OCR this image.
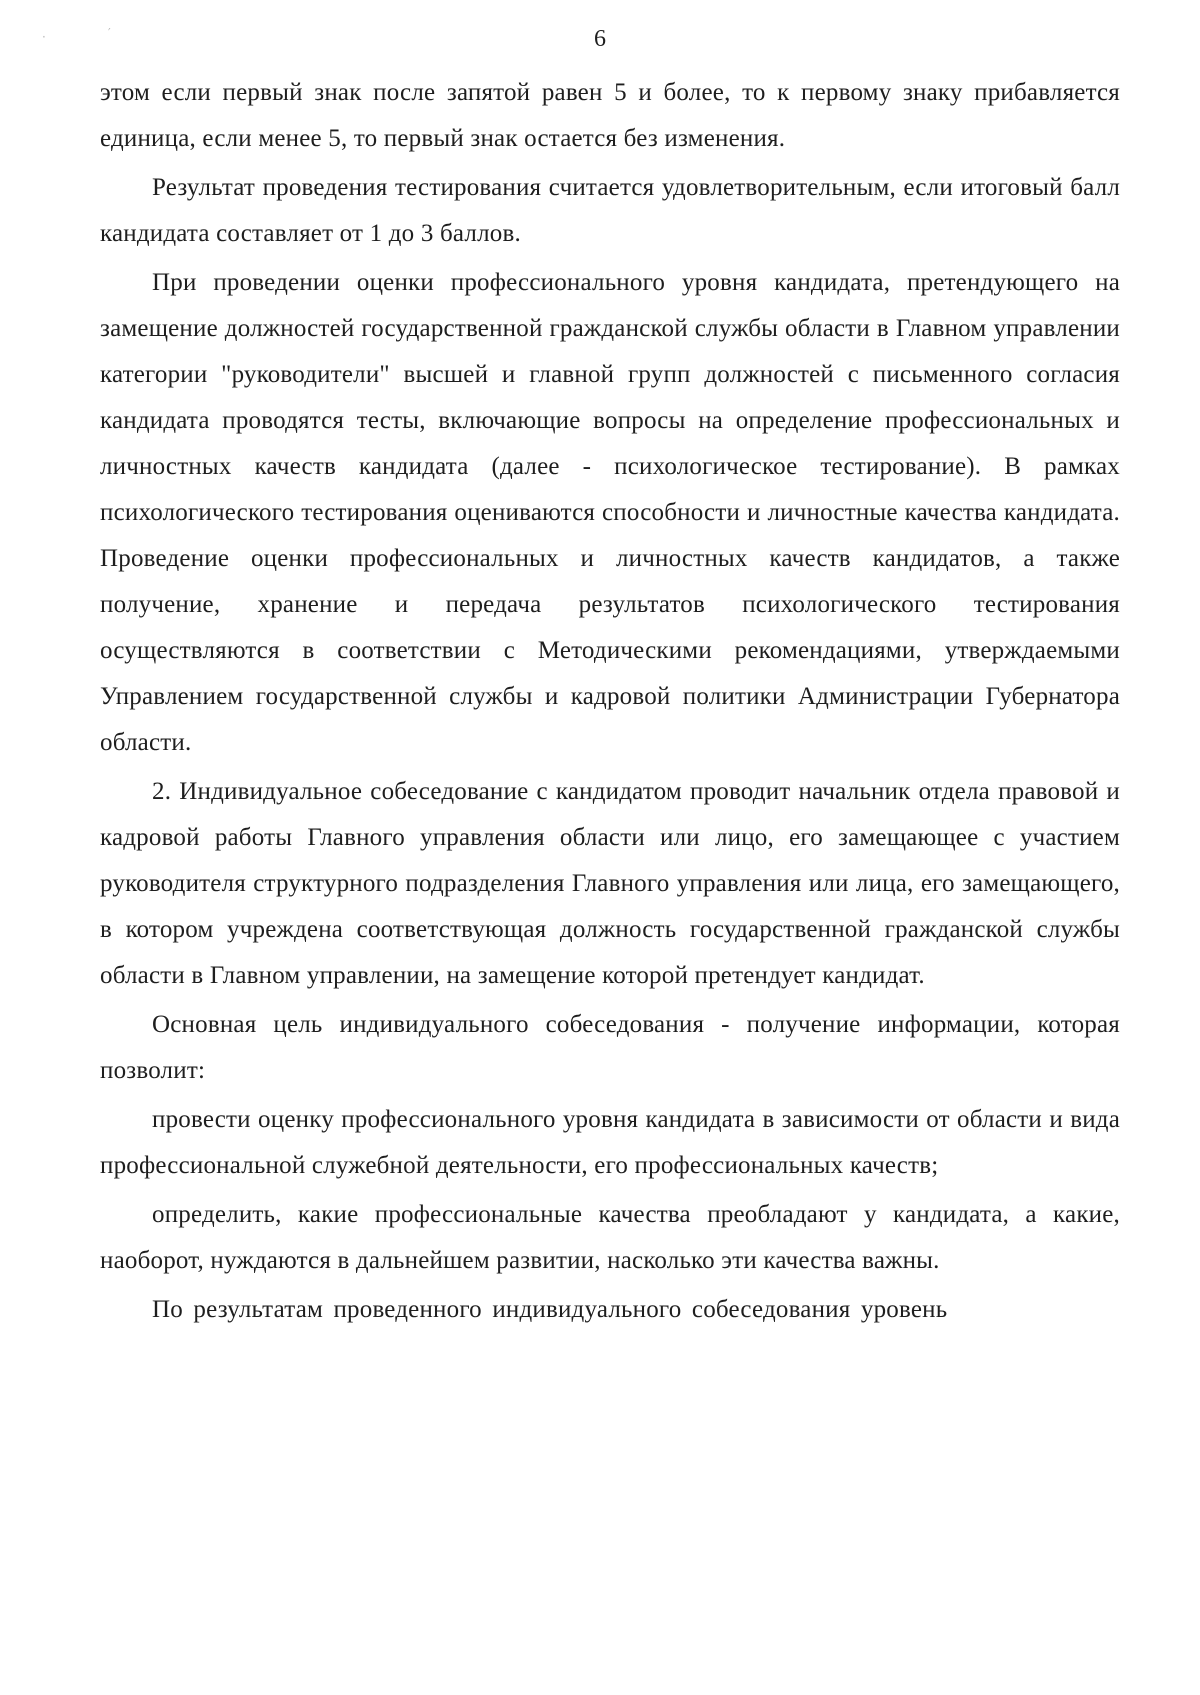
·	′	6

этом если первый знак после запятой равен 5 и более, то к первому знаку прибавляется единица, если менее 5, то первый знак остается без изменения.

Результат проведения тестирования считается удовлетворительным, если итоговый балл кандидата составляет от 1 до 3 баллов.

При проведении оценки профессионального уровня кандидата, претендующего на замещение должностей государственной гражданской службы области в Главном управлении категории "руководители" высшей и главной групп должностей с письменного согласия кандидата проводятся тесты, включающие вопросы на определение профессиональных и личностных качеств кандидата (далее - психологическое тестирование). В рамках психологического тестирования оцениваются способности и личностные качества кандидата. Проведение оценки профессиональных и личностных качеств кандидатов, а также получение, хранение и передача результатов психологического тестирования осуществляются в соответствии с Методическими рекомендациями, утверждаемыми Управлением государственной службы и кадровой политики Администрации Губернатора области.

2. Индивидуальное собеседование с кандидатом проводит начальник отдела правовой и кадровой работы Главного управления области или лицо, его замещающее с участием руководителя структурного подразделения Главного управления или лица, его замещающего, в котором учреждена соответствующая должность государственной гражданской службы области в Главном управлении, на замещение которой претендует кандидат.

Основная цель индивидуального собеседования - получение информации, которая позволит:

провести оценку профессионального уровня кандидата в зависимости от области и вида профессиональной служебной деятельности, его профессиональных качеств;

определить, какие профессиональные качества преобладают у кандидата, а какие, наоборот, нуждаются в дальнейшем развитии, насколько эти качества важны.

По результатам проведенного индивидуального собеседования уровень
